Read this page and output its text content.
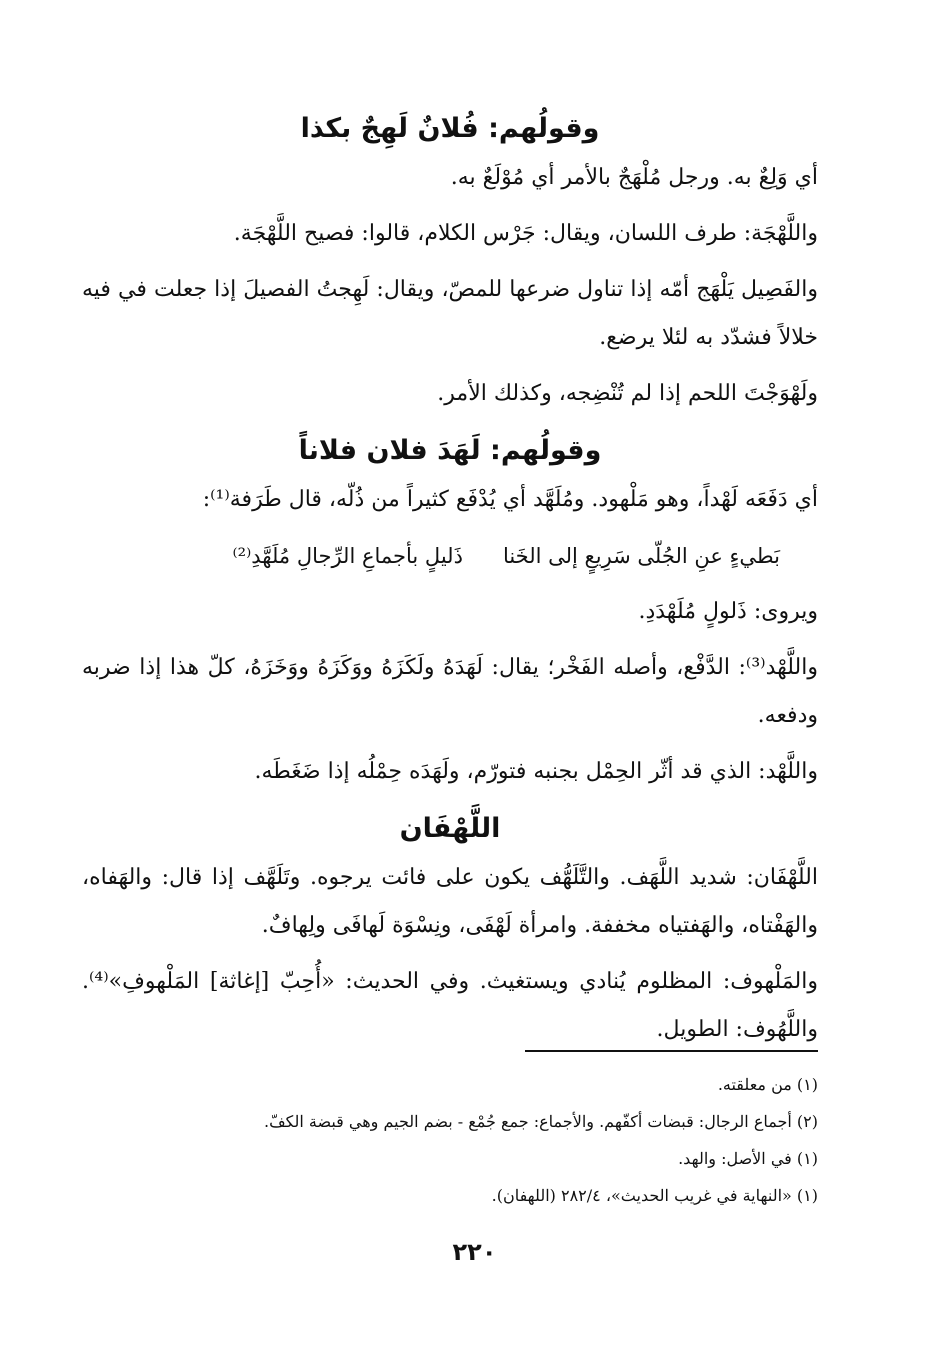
وقولُهم: فُلانٌ لَهِجٌ بكذا

أي وَلِعٌ به. ورجل مُلْهَجٌ بالأمر أي مُوْلَعٌ به.

واللَّهْجَة: طرف اللسان، ويقال: جَرْس الكلام، قالوا: فصيح اللَّهْجَة.

والفَصِيل يَلْهَج أمّه إذا تناول ضرعها للمصّ، ويقال: لَهِجتُ الفصيلَ إذا جعلت في فيه خلالاً فشدّد به لئلا يرضع.

ولَهْوَجْتَ اللحم إذا لم تُنْضِجه، وكذلك الأمر.

وقولُهم: لَهَدَ فلان فلاناً

أي دَفَعَه لَهْداً، وهو مَلْهود. ومُلَهَّد أي يُدْفَع كثيراً من ذُلّه، قال طَرَفة⁽¹⁾:

بَطيءٍ عنِ الجُلّى سَرِيعٍ إلى الخَنا
ذَليلٍ بأجماعِ الرِّجالِ مُلَهَّدِ⁽²⁾

ويروى: ذَلولٍ مُلَهْدَدِ.

واللَّهْد⁽³⁾: الدَّفْع، وأصله الفَخْر؛ يقال: لَهَدَهُ ولَكَزَهُ ووَكَزَهُ ووَخَزَهُ، كلّ هذا إذا ضربه ودفعه.

واللَّهْد: الذي قد أثّر الحِمْل بجنبه فتورّم، ولَهَدَه حِمْلُه إذا ضَغَطَه.

اللَّهْفَان

اللَّهْفَان: شديد اللَّهَف. والتَّلَهُّف يكون على فائت يرجوه. وتَلَهَّف إذا قال: والهَفاه، والهَفْتاه، والهَفتياه مخففة. وامرأة لَهْفَى، ونِسْوَة لَهافَى ولِهافٌ.

والمَلْهوف: المظلوم يُنادي ويستغيث. وفي الحديث: «أُحِبّ [إغاثة] المَلْهوفِ»⁽⁴⁾. واللَّهُوف: الطويل.

(١) من معلقته.

(٢) أجماع الرجال: قبضات أكفّهم. والأجماع: جمع جُمْع - بضم الجيم وهي قبضة الكفّ.

(١) في الأصل: والهد.

(١) «النهاية في غريب الحديث»، ٢٨٢/٤ (اللهفان).

٢٢٠
